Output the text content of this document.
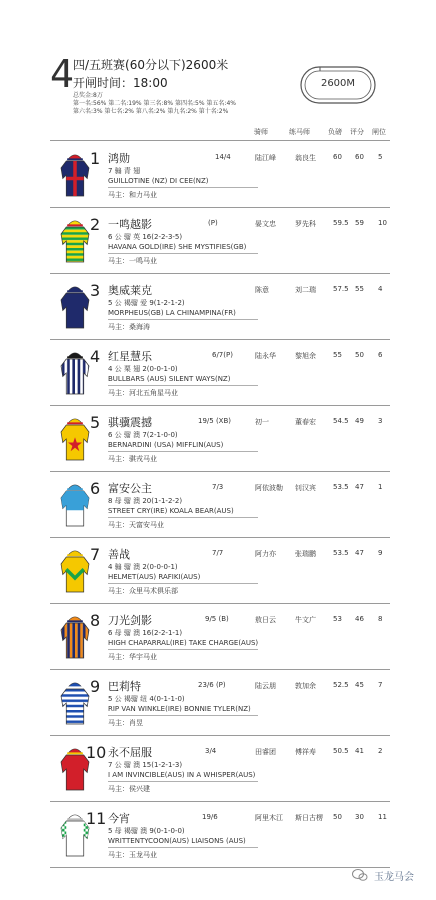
4
四/五班赛(60分以下)2600米
开闸时间：18:00
总奖金:8万
第一名:56% 第二名:19% 第三名:8% 第四名:5% 第五名:4%
第六名:3% 第七名:2% 第八名:2% 第九名:2% 第十名:2%
2600M
骑师	练马师	负磅 评分 闸位
1 鸿勋	14/4	陆江峰	翁良生 60 60 5
7 骟 青 翅
GUILLOTINE (NZ) DI CEE(NZ)
马主：和力马业
2 一鸣越影	(P)	晏文忠	罗先科 59.5 59 10
6 公 骝 英 16(2-2-3-5)
HAVANA GOLD(IRE) SHE MYSTIFIES(GB)
马主：一鸣马业
3 奥威莱克	陈意	刘二瑞 57.5 55 4
5 公 褐骝 爱 9(1-2-1-2)
MORPHEUS(GB) LA CHINAMPINA(FR)
马主：桑海涛
4 红星慧乐	6/7(P)	陆永华	黎旭余 55 50 6
4 公 栗 翅 2(0-0-1-0)
BULLBARS (AUS) SILENT WAYS(NZ)
马主：河北五角星马业
5 骐骥震撼	19/5 (XB)	初一	董春宏 54.5 49 3
6 公 骝 澳 7(2-1-0-0)
BERNARDINI (USA) MIFFLIN(AUS)
马主：骐戎马业
6 富安公主	7/3	阿依波勒 钊汉宾 53.5 47 1
8 母 骝 澳 20(1-1-2-2)
STREET CRY(IRE) KOALA BEAR(AUS)
马主：天富安马业
7 善战	7/7	阿力亦	张瑞鹏 53.5 47 9
4 骟 骝 澳 2(0-0-0-1)
HELMET(AUS) RAFIKI(AUS)
马主：众里马术俱乐部
8 刀光剑影	9/5 (B)	敖日云	牛文广 53 46 8
6 母 骝 澳 16(2-2-1-1)
HIGH CHAPARRAL(IRE) TAKE CHARGE(AUS)
马主：华宇马业
9 巴莉特	23/6 (P)	陆云朋	敦加余 52.5 45 7
5 公 褐骝 纽 4(0-1-1-0)
RIP VAN WINKLE(IRE) BONNIE TYLER(NZ)
马主：肖昱
10 永不屈服	3/4	田睿团	傅祥寿 50.5 41 2
7 公 骝 澳 15(1-2-1-3)
I AM INVINCIBLE(AUS) IN A WHISPER(AUS)
马主：侯兴建
11 今宵	19/6	阿里木江 斯日古楞 50 30 11
5 母 褐骝 澳 9(0-1-0-0)
WRITTENTYCOON(AUS) LIAISONS (AUS)
马主：玉龙马业
玉龙马会
